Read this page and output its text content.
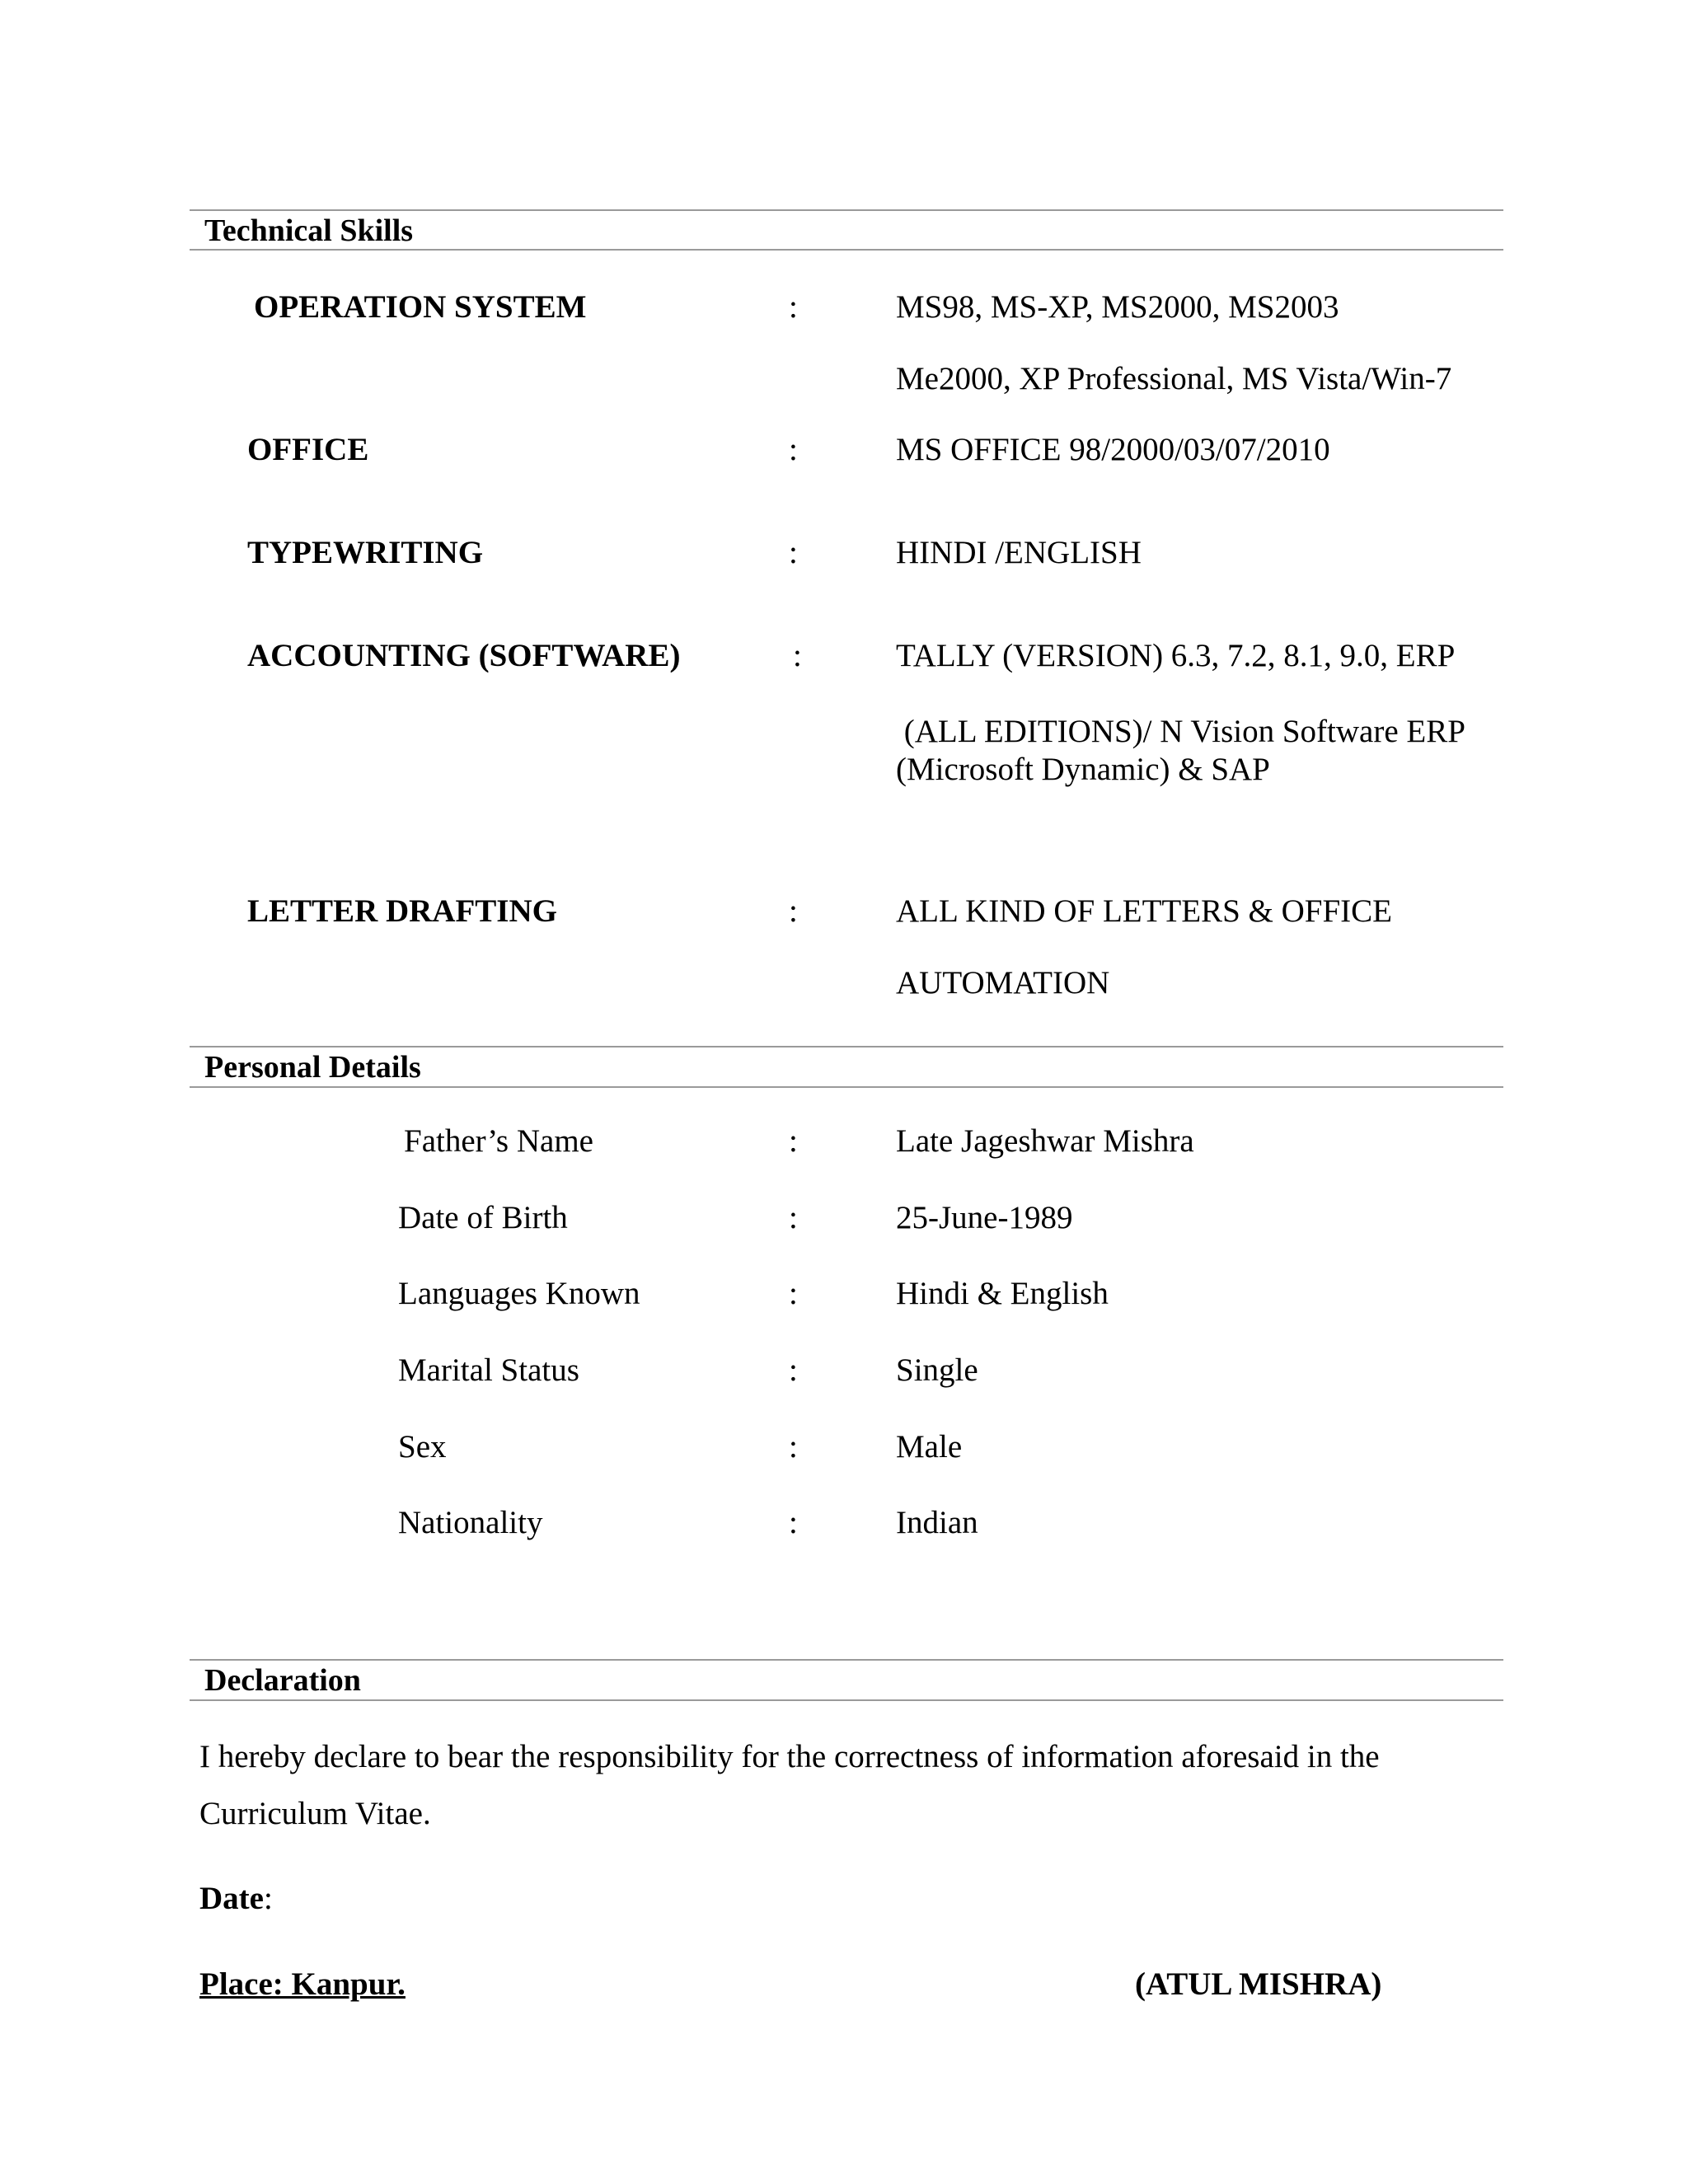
Technical Skills
OPERATION SYSTEM	:	MS98, MS-XP, MS2000, MS2003
Me2000, XP Professional, MS Vista/Win-7
OFFICE	:	MS OFFICE 98/2000/03/07/2010
TYPEWRITING	:	HINDI /ENGLISH
ACCOUNTING (SOFTWARE)	:	TALLY (VERSION) 6.3, 7.2, 8.1, 9.0, ERP
(ALL EDITIONS)/ N Vision Software ERP
(Microsoft Dynamic) & SAP
LETTER DRAFTING	:	ALL KIND OF LETTERS & OFFICE
AUTOMATION
Personal Details
Father’s Name	:	Late Jageshwar Mishra
Date of Birth	:	25-June-1989
Languages Known	:	Hindi & English
Marital Status	:	Single
Sex	:	Male
Nationality	:	Indian
Declaration
I hereby declare to bear the responsibility for the correctness of information aforesaid in the
Curriculum Vitae.
Date:
Place: Kanpur.	(ATUL MISHRA)
